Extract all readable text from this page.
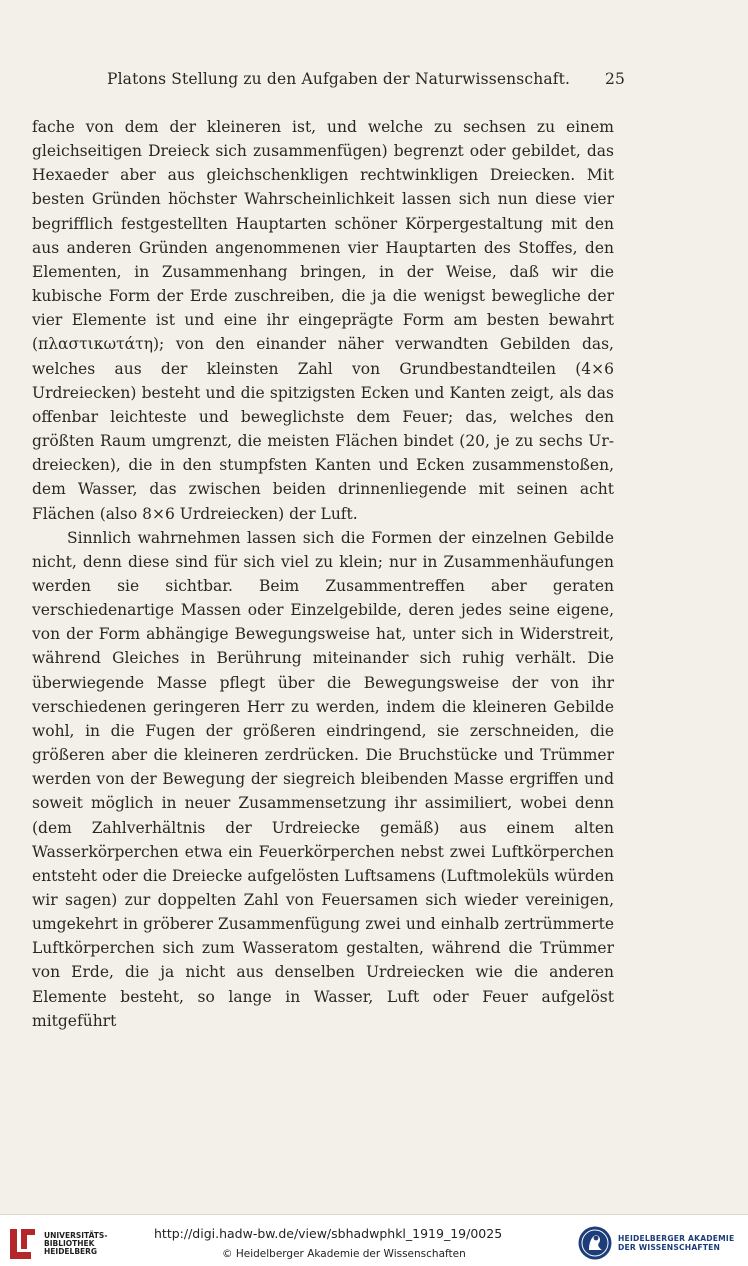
Platons Stellung zu den Aufgaben der Naturwissenschaft. 25

fache von dem der kleineren ist, und welche zu sechsen zu einem gleichseitigen Dreieck sich zusammenfügen) begrenzt oder gebildet, das Hexaeder aber aus gleichschenkligen rechtwinkligen Dreiecken. Mit besten Gründen höchster Wahrscheinlichkeit lassen sich nun diese vier begrifflich festgestellten Hauptarten schöner Körpergestaltung mit den aus anderen Gründen angenommenen vier Hauptarten des Stoffes, den Elementen, in Zusammenhang bringen, in der Weise, daß wir die kubische Form der Erde zuschreiben, die ja die wenigst bewegliche der vier Elemente ist und eine ihr eingeprägte Form am besten bewahrt (πλαστικωτάτη); von den einander näher verwandten Gebilden das, welches aus der kleinsten Zahl von Grundbestandteilen (4×6 Urdreiecken) besteht und die spitzigsten Ecken und Kanten zeigt, als das offenbar leichteste und beweglichste dem Feuer; das, welches den größten Raum umgrenzt, die meisten Flächen bindet (20, je zu sechs Urdreiecken), die in den stumpfsten Kanten und Ecken zusammenstoßen, dem Wasser, das zwischen beiden drinnenliegende mit seinen acht Flächen (also 8×6 Urdreiecken) der Luft.

Sinnlich wahrnehmen lassen sich die Formen der einzelnen Gebilde nicht, denn diese sind für sich viel zu klein; nur in Zusammenhäufungen werden sie sichtbar. Beim Zusammentreffen aber geraten verschiedenartige Massen oder Einzelgebilde, deren jedes seine eigene, von der Form abhängige Bewegungsweise hat, unter sich in Widerstreit, während Gleiches in Berührung miteinander sich ruhig verhält. Die überwiegende Masse pflegt über die Bewegungsweise der von ihr verschiedenen geringeren Herr zu werden, indem die kleineren Gebilde wohl, in die Fugen der größeren eindringend, sie zerschneiden, die größeren aber die kleineren zerdrücken. Die Bruchstücke und Trümmer werden von der Bewegung der siegreich bleibenden Masse ergriffen und soweit möglich in neuer Zusammensetzung ihr assimiliert, wobei denn (dem Zahlverhältnis der Urdreiecke gemäß) aus einem alten Wasserkörperchen etwa ein Feuerkörperchen nebst zwei Luftkörperchen entsteht oder die Dreiecke aufgelösten Luftsamens (Luftmoleküls würden wir sagen) zur doppelten Zahl von Feuersamen sich wieder vereinigen, umgekehrt in gröberer Zusammenfügung zwei und einhalb zertrümmerte Luftkörperchen sich zum Wasseratom gestalten, während die Trümmer von Erde, die ja nicht aus denselben Urdreiecken wie die anderen Elemente besteht, so lange in Wasser, Luft oder Feuer aufgelöst mitgeführt

UNIVERSITÄTS-
BIBLIOTHEK
HEIDELBERG
http://digi.hadw-bw.de/view/sbhadwphkl_1919_19/0025
© Heidelberger Akademie der Wissenschaften
HEIDELBERGER AKADEMIE
DER WISSENSCHAFTEN
